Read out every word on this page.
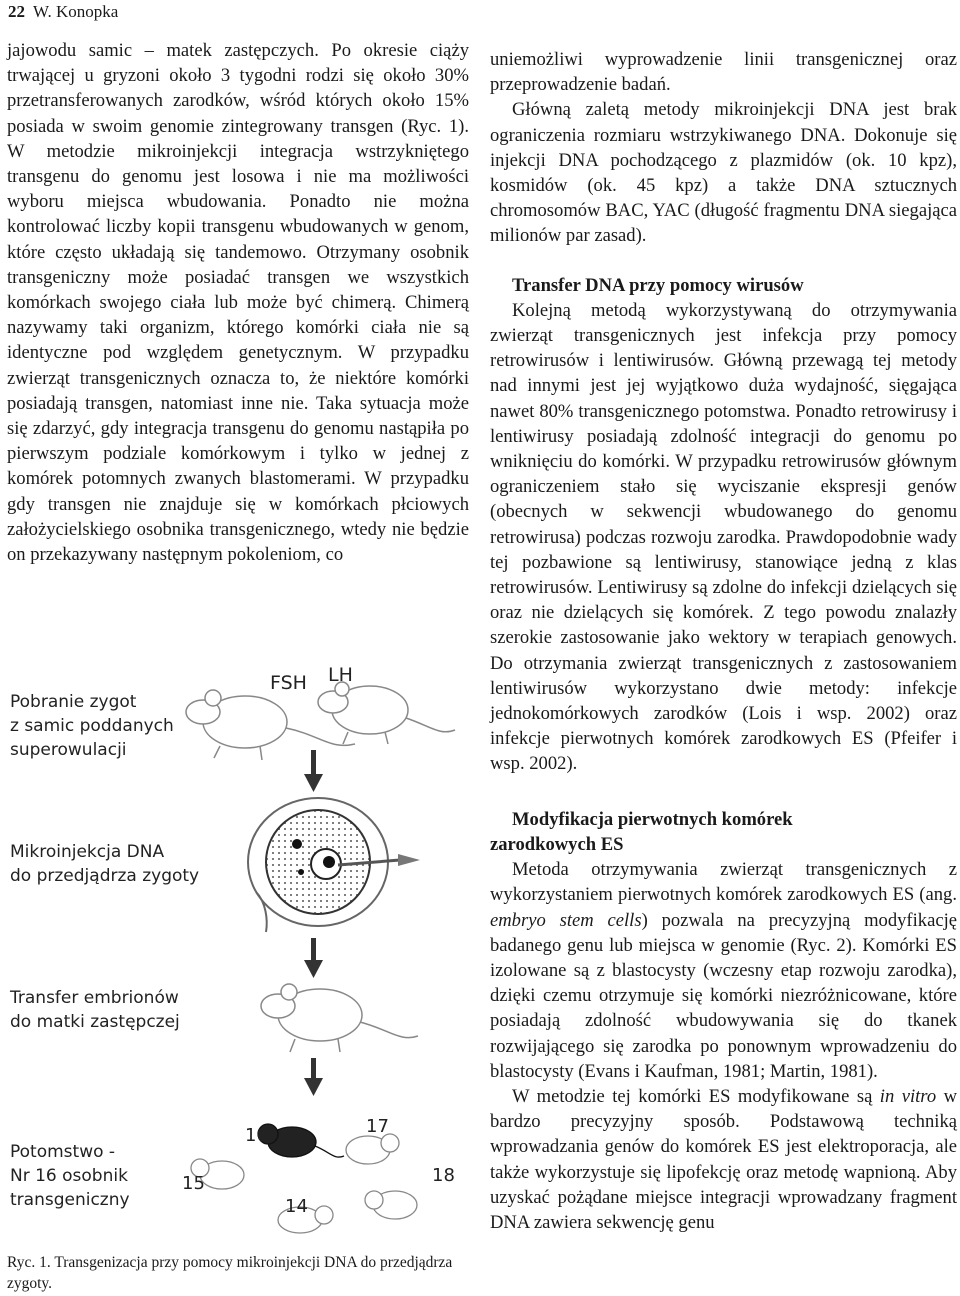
22 W. Konopka

jajowodu samic – matek zastępczych. Po okresie ciąży trwającej u gryzoni około 3 tygodni rodzi się około 30% przetransferowanych zarodków, wśród których około 15% posiada w swoim genomie zintegrowany transgen (Ryc. 1). W metodzie mikroinjekcji integracja wstrzykniętego transgenu do genomu jest losowa i nie ma możliwości wyboru miejsca wbudowania. Ponadto nie można kontrolować liczby kopii transgenu wbudowanych w genom, które często układają się tandemowo. Otrzymany osobnik transgeniczny może posiadać transgen we wszystkich komórkach swojego ciała lub może być chimerą. Chimerą nazywamy taki organizm, którego komórki ciała nie są identyczne pod względem genetycznym. W przypadku zwierząt transgenicznych oznacza to, że niektóre komórki posiadają transgen, natomiast inne nie. Taka sytuacja może się zdarzyć, gdy integracja transgenu do genomu nastąpiła po pierwszym podziale komórkowym i tylko w jednej z komórek potomnych zwanych blastomerami. W przypadku gdy transgen nie znajduje się w komórkach płciowych założycielskiego osobnika transgenicznego, wtedy nie będzie on przekazywany następnym pokoleniom, co

uniemożliwi wyprowadzenie linii transgenicznej oraz przeprowadzenie badań.

Główną zaletą metody mikroinjekcji DNA jest brak ograniczenia rozmiaru wstrzykiwanego DNA. Dokonuje się injekcji DNA pochodzącego z plazmidów (ok. 10 kpz), kosmidów (ok. 45 kpz) a także DNA sztucznych chromosomów BAC, YAC (długość fragmentu DNA siegająca milionów par zasad).

Transfer DNA przy pomocy wirusów

Kolejną metodą wykorzystywaną do otrzymywania zwierząt transgenicznych jest infekcja przy pomocy retrowirusów i lentiwirusów. Główną przewagą tej metody nad innymi jest jej wyjątkowo duża wydajność, sięgająca nawet 80% transgenicznego potomstwa. Ponadto retrowirusy i lentiwirusy posiadają zdolność integracji do genomu po wniknięciu do komórki. W przypadku retrowirusów głównym ograniczeniem stało się wyciszanie ekspresji genów (obecnych w sekwencji wbudowanego do genomu retrowirusa) podczas rozwoju zarodka. Prawdopodobnie wady tej pozbawione są lentiwirusy, stanowiące jedną z klas retrowirusów. Lentiwirusy są zdolne do infekcji dzielących się oraz nie dzielących się komórek. Z tego powodu znalazły szerokie zastosowanie jako wektory w terapiach genowych. Do otrzymania zwierząt transgenicznych z zastosowaniem lentiwirusów wykorzystano dwie metody: infekcje jednokomórkowych zarodków (Lois i wsp. 2002) oraz infekcje pierwotnych komórek zarodkowych ES (Pfeifer i wsp. 2002).

Modyfikacja pierwotnych komórek
zarodkowych ES

Metoda otrzymywania zwierząt transgenicznych z wykorzystaniem pierwotnych komórek zarodkowych ES (ang. embryo stem cells) pozwala na precyzyjną modyfikację badanego genu lub miejsca w genomie (Ryc. 2). Komórki ES izolowane są z blastocysty (wczesny etap rozwoju zarodka), dzięki czemu otrzymuje się komórki niezróżnicowane, które posiadają zdolność wbudowywania się do tkanek rozwijającego się zarodka po ponownym wprowadzeniu do blastocysty (Evans i Kaufman, 1981; Martin, 1981).

W metodzie tej komórki ES modyfikowane są in vitro w bardzo precyzyjny sposób. Podstawową techniką wprowadzania genów do komórek ES jest elektroporacja, ale także wykorzystuje się lipofekcję oraz metodę wapnioną. Aby uzyskać pożądane miejsce integracji wprowadzany fragment DNA zawiera sekwencję genu

Pobranie zygot
z samic poddanych
superowulacji
FSH LH
Mikroinjekcja DNA
do przedjądrza zygoty
Transfer embrionów
do matki zastępczej
Potomstwo -
Nr 16 osobnik
transgeniczny
16	17
15	18
14
Ryc. 1. Transgenizacja przy pomocy mikroinjekcji DNA do przedjądrza zygoty.
